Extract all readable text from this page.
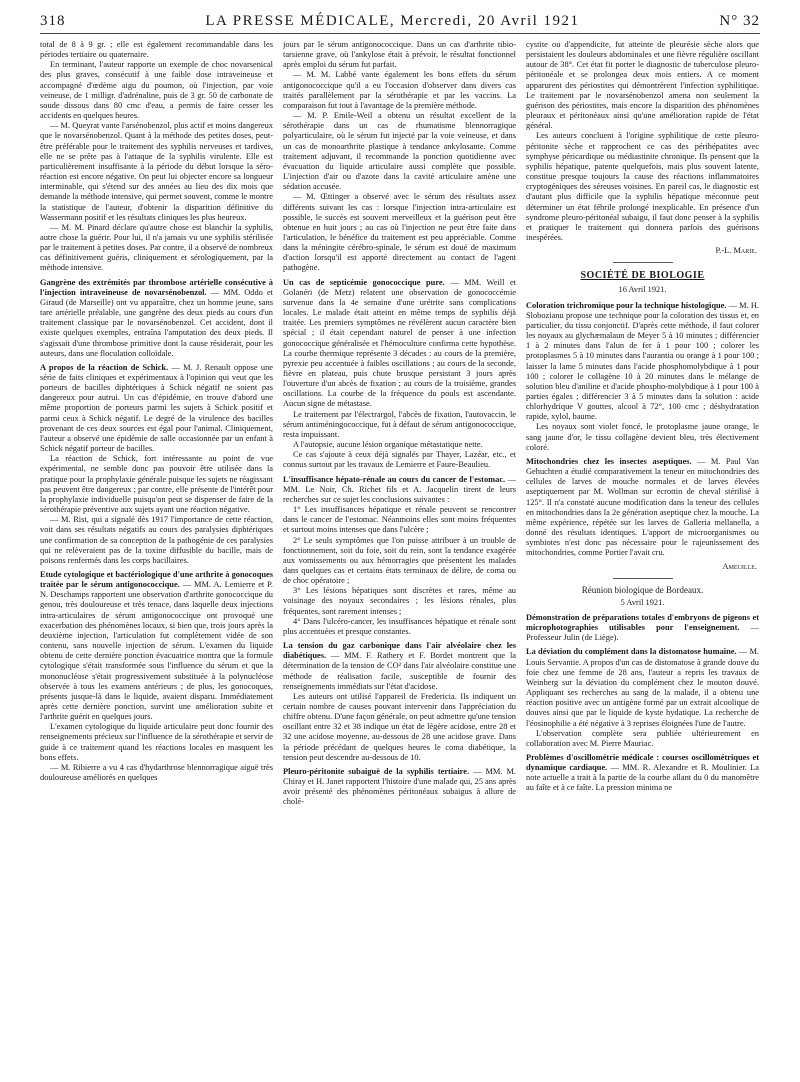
318	LA PRESSE MÉDICALE, Mercredi, 20 Avril 1921	N° 32

total de 8 à 9 gr. ; elle est également recommandable dans les périodes tertiaire ou quaternaire.

En terminant, l'auteur rapporte un exemple de choc novarsenical des plus graves, consécutif à une faible dose intraveineuse et accompagné d'œdème aigu du poumon, où l'injection, par voie veineuse, de 1 milligr. d'adrénaline, puis de 3 gr. 50 de carbonate de soude dissous dans 80 cmc d'eau, a permis de faire cesser les accidents en quelques heures.

— M. Queyrat vante l'arsénobenzol, plus actif et moins dangereux que le novarsénobenzol. Quant à la méthode des petites doses, peut-être préférable pour le traitement des syphilis nerveuses et tardives, elle ne se prête pas à l'attaque de la syphilis virulente. Elle est particulièrement insuffisante à la période du début lorsque la séro-réaction est encore négative. On peut lui objecter encore sa longueur interminable, qui s'étend sur des années au lieu des dix mois que demande la méthode intensive, qui permet souvent, comme le montre la statistique de l'auteur, d'obtenir la disparition définitive du Wassermann positif et les résultats cliniques les plus heureux.

— M. M. Pinard déclare qu'autre chose est blanchir la syphilis, autre chose la guérir. Pour lui, il n'a jamais vu une syphilis stérilisée par le traitement à petites doses. Par contre, il a observé de nombreux cas définitivement guéris, cliniquement et sérologiquement, par la méthode intensive.

Gangrène des extrémités par thrombose artérielle consécutive à l'injection intraveineuse de novarsénobenzol. — MM. Oddo et Giraud (de Marseille) ont vu apparaître, chez un homme jeune, sans tare artérielle préalable, une gangrène des deux pieds au cours d'un traitement classique par le novarsénobenzol. Cet accident, dont il existe quelques exemples, entraîna l'amputation des deux pieds. Il s'agissait d'une thrombose primitive dont la cause résiderait, pour les auteurs, dans une floculation colloïdale.

A propos de la réaction de Schick. — M. J. Renault oppose une série de faits cliniques et expérimentaux à l'opinion qui veut que les porteurs de bacilles diphtériques à Schick négatif ne soient pas dangereux pour autrui. Un cas d'épidémie, en trouve d'abord une même proportion de porteurs parmi les sujets à Schick positif et parmi ceux à Schick négatif. Le degré de la virulence des bacilles provenant de ces deux sources est égal pour l'animal. Cliniquement, l'auteur a observé une épidémie de salle occasionnée par un enfant à Schick négatif porteur de bacilles.

La réaction de Schick, fort intéressante au point de vue expérimental, ne semble donc pas pouvoir être utilisée dans la pratique pour la prophylaxie générale puisque les sujets ne réagissant pas peuvent être dangereux ; par contre, elle présente de l'intérêt pour la prophylaxie individuelle puisqu'on peut se dispenser de faire de la sérothérapie préventive aux sujets ayant une réaction négative.

— M. Rist, qui a signalé dès 1917 l'importance de cette réaction, voit dans ses résultats négatifs au cours des paralysies diphtériques une confirmation de sa conception de la pathogénie de ces paralysies qui ne relèveraient pas de la toxine diffusible du bacille, mais de poisons renfermés dans les corps bacillaires.

Etude cytologique et bactériologique d'une arthrite à gonocoques traitée par le sérum antigonococcique. — MM. A. Lemierre et P. N. Deschamps rapportent une observation d'arthrite gonococcique du genou, très douloureuse et très tenace, dans laquelle deux injections intra-articulaires de sérum antigonococcique ont provoqué une exacerbation des phénomènes locaux, si bien que, trois jours après la deuxième injection, l'articulation fut complètement vidée de son contenu, sans nouvelle injection de sérum. L'examen du liquide obtenu de cette dernière ponction évacuatrice montra que la formule cytologique s'était transformée sous l'influence du sérum et que la mononucléose s'était progressivement substituée à la polynucléose observée à tous les examens antérieurs ; de plus, les gonocoques, présents jusque-là dans le liquide, avaient disparu. Immédiatement après cette dernière ponction, survint une amélioration subite et l'arthrite guérit en quelques jours.

L'examen cytologique du liquide articulaire peut donc fournir des renseignements précieux sur l'influence de la sérothérapie et servir de guide à ce traitement quand les réactions locales en masquent les bons effets.

— M. Ribierre a vu 4 cas d'hydarthrose blennorragique aiguë très douloureuse améliorés en quelques

jours par le sérum antigonococcique. Dans un cas d'arthrite tibio-tarsienne grave, où l'ankylose était à prévoir, le résultat fonctionnel après emploi du sérum fut parfait.

— M. M. Labbé vante également les bons effets du sérum antigonococcique qu'il a eu l'occasion d'observer dans divers cas traités parallèlement par la sérothérapie et par les vaccins. La comparaison fut tout à l'avantage de la première méthode.

— M. P. Emile-Weil a obtenu un résultat excellent de la sérothérapie dans un cas de rhumatisme blennorragique polyarticulaire, où le sérum fut injecté par la voie veineuse, et dans un cas de monoarthrite plastique à tendance ankylosante. Comme traitement adjuvant, il recommande la ponction quotidienne avec évacuation du liquide articulaire aussi complète que possible. L'injection d'air ou d'azote dans la cavité articulaire amène une sédation accusée.

— M. Œttinger a observé avec le sérum des résultats assez différents suivant les cas : lorsque l'injection intra-articulaire est possible, le succès est souvent merveilleux et la guérison peut être obtenue en huit jours ; au cas où l'injection ne peut être faite dans l'articulation, le bénéfice du traitement est peu appréciable. Comme dans la méningite cérébro-spinale, le sérum est doué de maximum d'action lorsqu'il est apporté directement au contact de l'agent pathogène.

Un cas de septicémie gonococcique pure. — MM. Weill et Golanéri (de Metz) relatent une observation de gonococcémie survenue dans la 4e semaine d'une urétrite sans complications locales. Le malade était atteint en même temps de syphilis déjà traitée. Les premiers symptômes ne révélèrent aucun caractère bien spécial ; il était cependant naturel de penser à une infection gonococcique généralisée et l'hémoculture confirma cette hypothèse. La courbe thermique représente 3 décades : au cours de la première, pyrexie peu accentuée à faibles oscillations ; au cours de la seconde, fièvre en plateau, puis chute brusque persistant 3 jours après l'ouverture d'un abcès de fixation ; au cours de la troisième, grandes oscillations. La courbe de la fréquence du pouls est ascendante. Aucun signe de métastase.

Le traitement par l'électrargol, l'abcès de fixation, l'autovaccin, le sérum antiméningococcique, fut à défaut de sérum antigonococcique, resta impuissant.

A l'autopsie, aucune lésion organique métastatique nette.

Ce cas s'ajoute à ceux déjà signalés par Thayer, Lazéar, etc., et connus surtout par les travaux de Lemierre et Faure-Beaulieu.

L'insuffisance hépato-rénale au cours du cancer de l'estomac. — MM. Le Noir, Ch. Richet fils et A. Jacquelin tirent de leurs recherches sur ce sujet les conclusions suivantes :

1° Les insuffisances hépatique et rénale peuvent se rencontrer dans le cancer de l'estomac. Néanmoins elles sont moins fréquentes et surtout moins intenses que dans l'ulcère ;

2° Le seuls symptômes que l'on puisse attribuer à un trouble de fonctionnement, soit du foie, soit du rein, sont la tendance exagérée aux vomissements ou aux hémorragies que présentent les malades dans quelques cas et certains états terminaux de délire, de coma ou de choc opératoire ;

3° Les lésions hépatiques sont discrètes et rares, même au voisinage des noyaux secondaires ; les lésions rénales, plus fréquentes, sont rarement intenses ;

4° Dans l'ulcéro-cancer, les insuffisances hépatique et rénale sont plus accentuées et presque constantes.

La tension du gaz carbonique dans l'air alvéolaire chez les diabétiques. — MM. F. Rathery et F. Bordet montrent que la détermination de la tension de CO² dans l'air alvéolaire constitue une méthode de réalisation facile, susceptible de fournir des renseignements immédiats sur l'état d'acidose.

Les auteurs ont utilisé l'appareil de Fredericia. Ils indiquent un certain nombre de causes pouvant intervenir dans l'appréciation du chiffre obtenu. D'une façon générale, on peut admettre qu'une tension oscillant entre 32 et 38 indique un état de légère acidose, entre 28 et 32 une acidose moyenne, au-dessous de 28 une acidose grave. Dans la période précédant de quelques heures le coma diabétique, la tension peut descendre au-dessous de 10.

Pleuro-péritonite subaiguë de la syphilis tertiaire. — MM. M. Chiray et H. Janet rapportent l'histoire d'une malade qui, 25 ans après avoir présenté des phénomènes péritonéaux subaigus à allure de cholé-

cystite ou d'appendicite, fut atteinte de pleurésie sèche alors que persistaient les douleurs abdominales et une fièvre régulière oscillant autour de 38°. Cet état fit porter le diagnostic de tuberculose pleuro-péritonéale et se prolongea deux mois entiers. A ce moment apparurent des périostites qui démontrèrent l'infection syphilitique. Le traitement par le novarsénobenzol amena non seulement la guérison des périostites, mais encore la disparition des phénomènes pleuraux et péritonéaux ainsi qu'une amélioration rapide de l'état général.

Les auteurs concluent à l'origine syphilitique de cette pleuro-péritonite sèche et rapprochent ce cas des périhépatites avec symphyse péricardique ou médiastinite chronique. Ils pensent que la syphilis hépatique, patente quelquefois, mais plus souvent latente, constitue presque toujours la cause des réactions inflammatoires cryptogéniques des séreuses voisines. En pareil cas, le diagnostic est d'autant plus difficile que la syphilis hépatique méconnue peut déterminer un état fébrile prolongé inexplicable. En présence d'un syndrome pleuro-péritonéal subaigu, il faut donc penser à la syphilis et pratiquer le traitement qui donnera parfois des guérisons inespérées.

P.-L. Marie.
SOCIÉTÉ DE BIOLOGIE
16 Avril 1921.

Coloration trichromique pour la technique histologique. — M. H. Slobozianu propose une technique pour la coloration des tissus et, en particulier, du tissu conjonctif. D'après cette méthode, il faut colorer les noyaux au glychæmalaun de Meyer 5 à 10 minutes ; différencier 1 à 2 minutes dans l'alun de fer à 1 pour 100 ; colorer les protoplasmes 5 à 10 minutes dans l'aurantia ou orange à 1 pour 100 ; laisser la lame 5 minutes dans l'acide phosphomolybdique à 1 pour 100 ; colorer le collagène 10 à 20 minutes dans le mélange de solution bleu d'aniline et d'acide phospho-molybdique à 1 pour 100 à parties égales ; différencier 3 à 5 minutes dans la solution : acide chlorhydrique V gouttes, alcool à 72°, 100 cmc ; déshydratation rapide, xylol, baume.

Les noyaux sont violet foncé, le protoplasme jaune orange, le sang jaune d'or, le tissu collagène devient bleu, très électivement coloré.

Mitochondries chez les insectes aseptiques. — M. Paul Van Gehuchten a étudié comparativement la teneur en mitochondries des cellules de larves de mouche normales et de larves élevées aseptiquement par M. Wollman sur ecrottin de cheval stérilisé à 125°. Il n'a constaté aucune modification dans la teneur des cellules en mitochondries dans la 2e génération aseptique chez la mouche. La même expérience, répétée sur les larves de Galleria mellanella, a donné des résultats identiques. L'apport de microorganismes ou symbiotes n'est donc pas nécessaire pour le rajeunissement des mitochondries, comme Portier l'avait cru.

Ameuille.
Réunion biologique de Bordeaux.
5 Avril 1921.

Démonstration de préparations totales d'embryons de pigeons et microphotographies utilisables pour l'enseignement. — Professeur Julin (de Liège).

La déviation du complément dans la distomatose humaine. — M. Louis Servantie. A propos d'un cas de distomatose à grande douve du foie chez une femme de 28 ans, l'auteur a repris les travaux de Weinberg sur la déviation du complément chez le mouton douvé. Appliquant ses recherches au sang de la malade, il a obtenu une réaction positive avec un antigène formé par un extrait alcoolique de douves ainsi que par le liquide de kyste hydatique. La recherche de l'éosinophilie a été négative à 3 reprises éloignées l'une de l'autre.

L'observation complète sera publiée ultérieurement en collaboration avec M. Pierre Mauriac.

Problèmes d'oscillométrie médicale : courses oscillométriques et dynamique cardiaque. — MM. R. Alexandre et R. Moulinier. La note actuelle a trait à la partie de la courbe allant du 0 du manomètre au faîte et à ce faîte. La pression minima ne
